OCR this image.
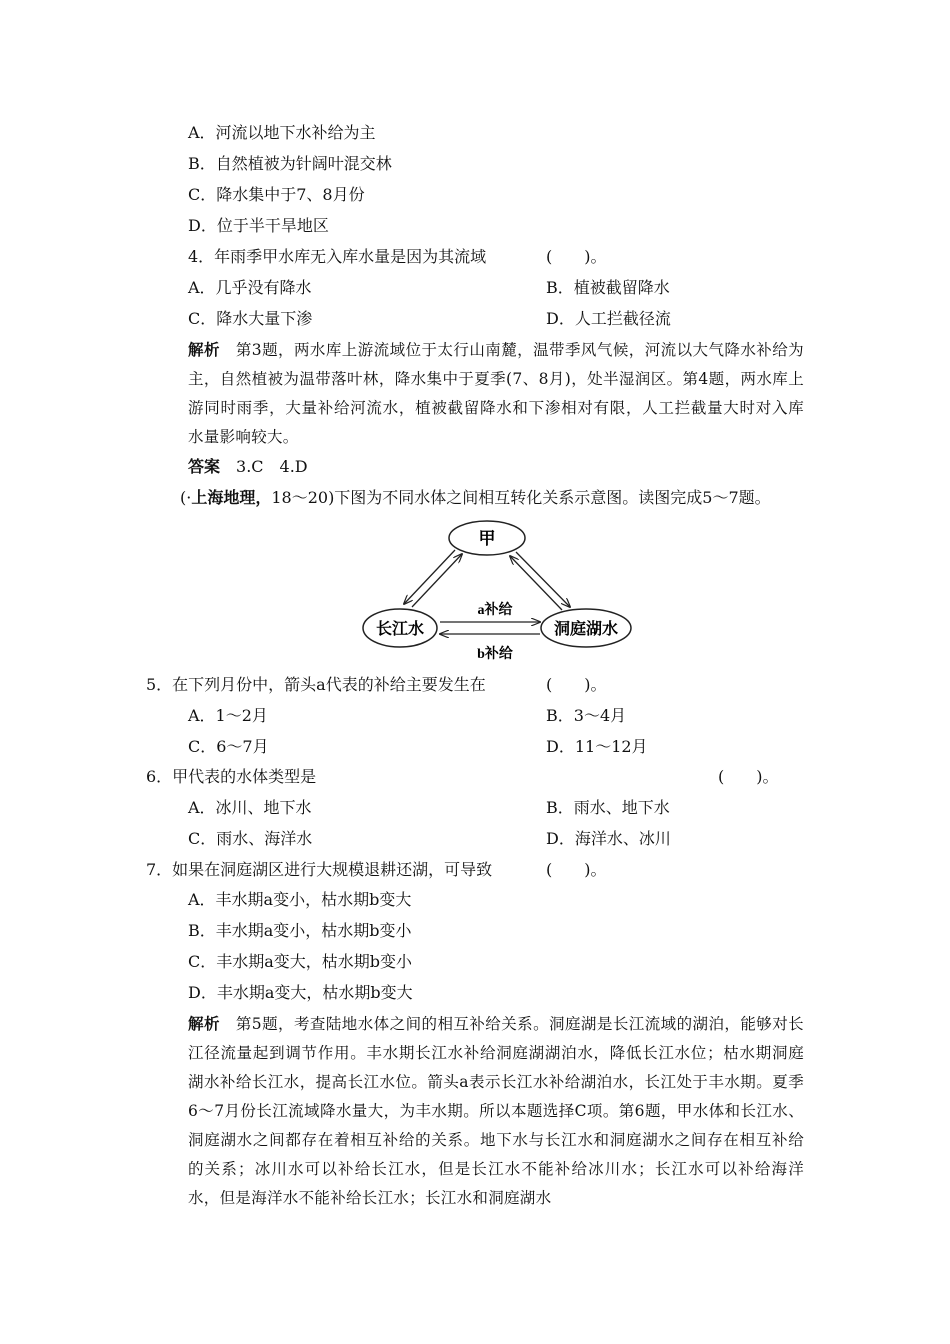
A．河流以地下水补给为主
B．自然植被为针阔叶混交林
C．降水集中于7、8月份
D．位于半干旱地区
4．年雨季甲水库无入库水量是因为其流域	(　　)。
A．几乎没有降水	B．植被截留降水
C．降水大量下渗	D．人工拦截径流
解析　 第3题，两水库上游流域位于太行山南麓，温带季风气候，河流以大气降水补给为主，自然植被为温带落叶林，降水集中于夏季(7、8月)，处半湿润区。第4题，两水库上游同时雨季，大量补给河流水，植被截留降水和下渗相对有限，人工拦截量大时对入库水量影响较大。
答案　 3.C　4.D
(·上海地理，18～20)下图为不同水体之间相互转化关系示意图。读图完成5～7题。
甲
长江水	洞庭湖水
a补给
b补给
5．在下列月份中，箭头a代表的补给主要发生在	(　　)。
A．1～2月	B．3～4月
C．6～7月	D．11～12月
6．甲代表的水体类型是	(　　)。
A．冰川、地下水	B．雨水、地下水
C．雨水、海洋水	D．海洋水、冰川
7．如果在洞庭湖区进行大规模退耕还湖，可导致	(　　)。
A．丰水期a变小，枯水期b变大
B．丰水期a变小，枯水期b变小
C．丰水期a变大，枯水期b变小
D．丰水期a变大，枯水期b变大
解析　 第5题，考查陆地水体之间的相互补给关系。洞庭湖是长江流域的湖泊，能够对长江径流量起到调节作用。丰水期长江水补给洞庭湖湖泊水，降低长江水位；枯水期洞庭湖水补给长江水，提高长江水位。箭头a表示长江水补给湖泊水，长江处于丰水期。夏季6～7月份长江流域降水量大，为丰水期。所以本题选择C项。第6题，甲水体和长江水、洞庭湖水之间都存在着相互补给的关系。地下水与长江水和洞庭湖水之间存在相互补给的关系；冰川水可以补给长江水，但是长江水不能补给冰川水；长江水可以补给海洋水，但是海洋水不能补给长江水；长江水和洞庭湖水
